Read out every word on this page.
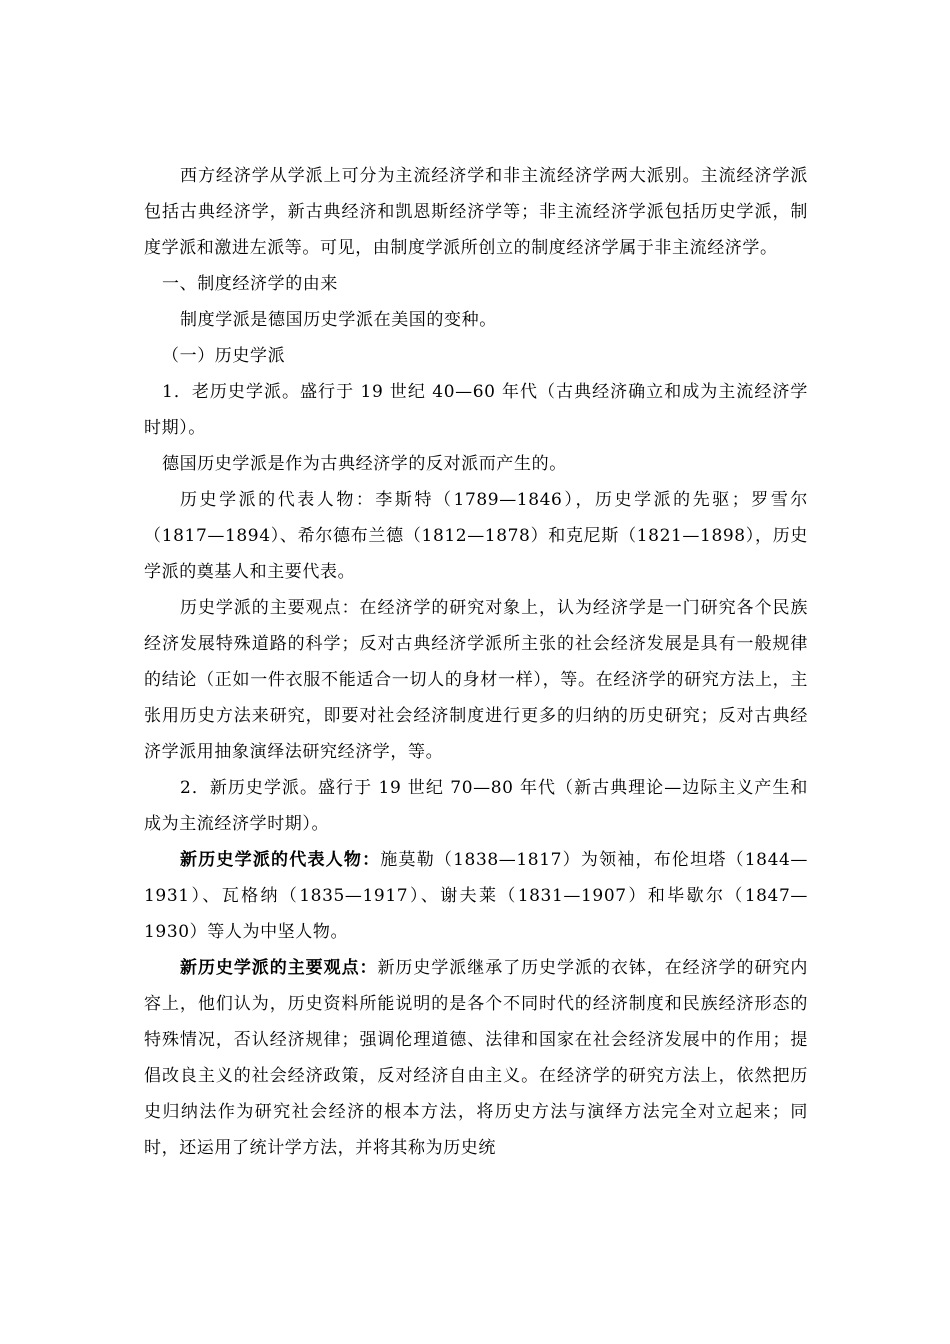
西方经济学从学派上可分为主流经济学和非主流经济学两大派别。主流经济学派包括古典经济学，新古典经济和凯恩斯经济学等；非主流经济学派包括历史学派，制度学派和激进左派等。可见，由制度学派所创立的制度经济学属于非主流经济学。

一、制度经济学的由来

制度学派是德国历史学派在美国的变种。

（一）历史学派

1．老历史学派。盛行于 19 世纪 40—60 年代（古典经济确立和成为主流经济学时期）。

德国历史学派是作为古典经济学的反对派而产生的。

历史学派的代表人物：李斯特（1789—1846），历史学派的先驱；罗雪尔（1817—1894）、希尔德布兰德（1812—1878）和克尼斯（1821—1898），历史学派的奠基人和主要代表。

历史学派的主要观点：在经济学的研究对象上，认为经济学是一门研究各个民族经济发展特殊道路的科学；反对古典经济学派所主张的社会经济发展是具有一般规律的结论（正如一件衣服不能适合一切人的身材一样），等。在经济学的研究方法上，主张用历史方法来研究，即要对社会经济制度进行更多的归纳的历史研究；反对古典经济学派用抽象演绎法研究经济学，等。

2．新历史学派。盛行于 19 世纪 70—80 年代（新古典理论—边际主义产生和成为主流经济学时期）。

新历史学派的代表人物：施莫勒（1838—1817）为领袖，布伦坦塔（1844—1931）、瓦格纳（1835—1917）、谢夫莱（1831—1907）和毕歇尔（1847—1930）等人为中坚人物。

新历史学派的主要观点：新历史学派继承了历史学派的衣钵，在经济学的研究内容上，他们认为，历史资料所能说明的是各个不同时代的经济制度和民族经济形态的特殊情况，否认经济规律；强调伦理道德、法律和国家在社会经济发展中的作用；提倡改良主义的社会经济政策，反对经济自由主义。在经济学的研究方法上，依然把历史归纳法作为研究社会经济的根本方法，将历史方法与演绎方法完全对立起来；同时，还运用了统计学方法，并将其称为历史统
